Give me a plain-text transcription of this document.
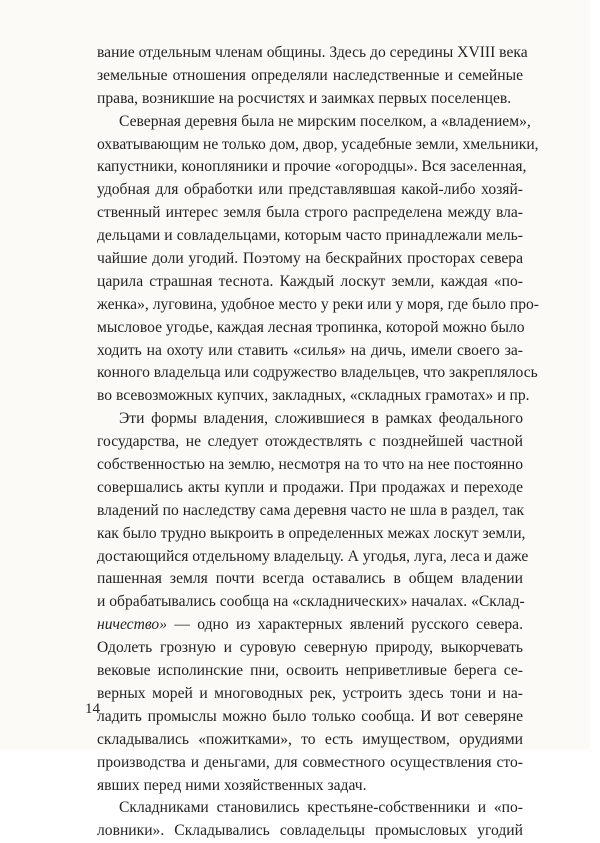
вание отдельным членам общины. Здесь до середины XVIII века
земельные отношения определяли наследственные и семейные
права, возникшие на росчистях и заимках первых поселенцев.
Северная деревня была не мирским поселком, а «владением»,
охватывающим не только дом, двор, усадебные земли, хмельники,
капустники, конопляники и прочие «огородцы». Вся заселенная,
удобная для обработки или представлявшая какой-либо хозяй-
ственный интерес земля была строго распределена между вла-
дельцами и совладельцами, которым часто принадлежали мель-
чайшие доли угодий. Поэтому на бескрайних просторах севера
царила страшная теснота. Каждый лоскут земли, каждая «по-
женка», луговина, удобное место у реки или у моря, где было про-
мысловое угодье, каждая лесная тропинка, которой можно было
ходить на охоту или ставить «силья» на дичь, имели своего за-
конного владельца или содружество владельцев, что закреплялось
во всевозможных купчих, закладных, «складных грамотах» и пр.
Эти формы владения, сложившиеся в рамках феодального
государства, не следует отождествлять с позднейшей частной
собственностью на землю, несмотря на то что на нее постоянно
совершались акты купли и продажи. При продажах и переходе
владений по наследству сама деревня часто не шла в раздел, так
как было трудно выкроить в определенных межах лоскут земли,
достающийся отдельному владельцу. А угодья, луга, леса и даже
пашенная земля почти всегда оставались в общем владении
и обрабатывались сообща на «складнических» началах. «Склад-
ничество» — одно из характерных явлений русского севера.
Одолеть грозную и суровую северную природу, выкорчевать
вековые исполинские пни, освоить неприветливые берега се-
верных морей и многоводных рек, устроить здесь тони и на-
ладить промыслы можно было только сообща. И вот северяне
складывались «пожитками», то есть имуществом, орудиями
производства и деньгами, для совместного осуществления сто-
явших перед ними хозяйственных задач.
Складниками становились крестьяне-собственники и «по-
ловники». Складывались совладельцы промысловых угодий
14
